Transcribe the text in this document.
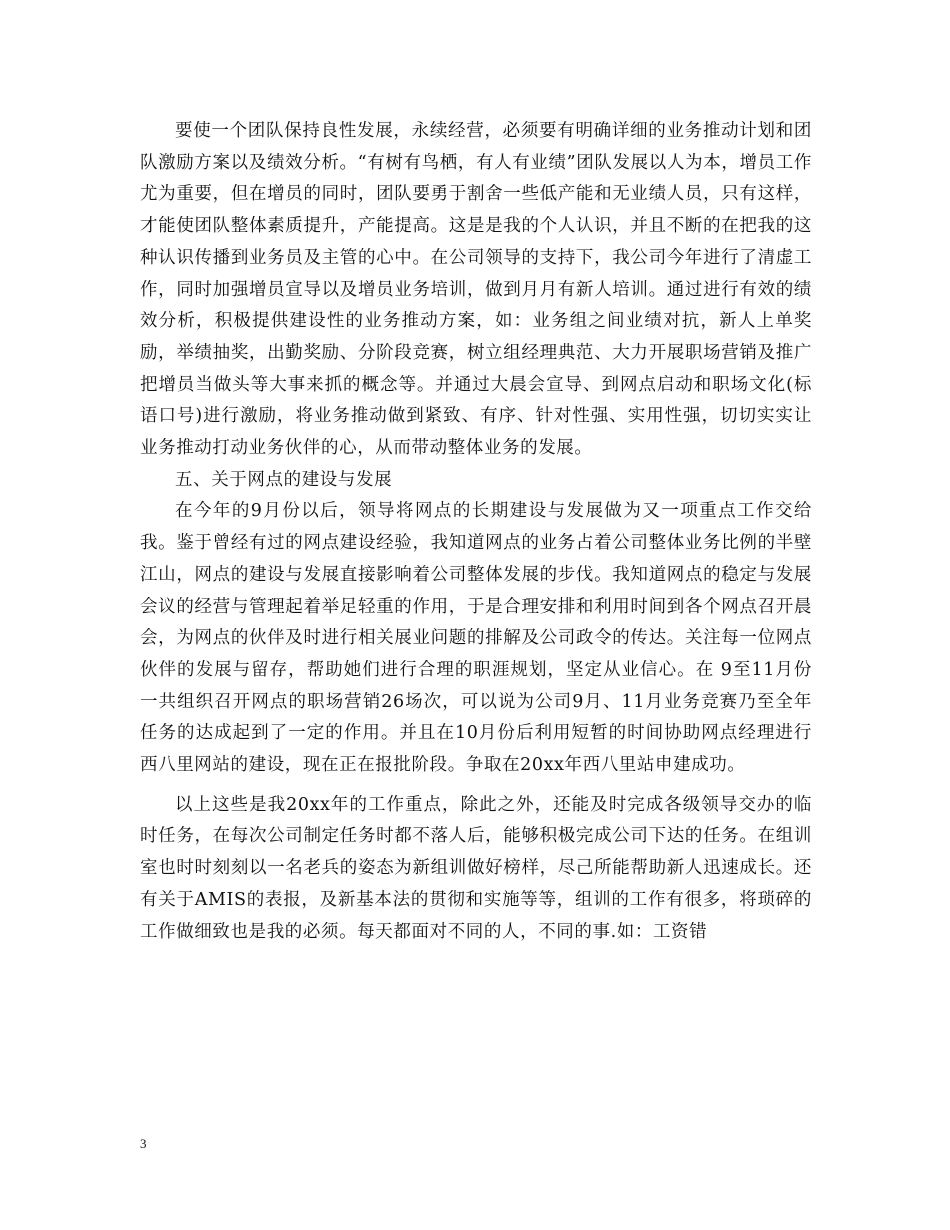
要使一个团队保持良性发展，永续经营，必须要有明确详细的业务推动计划和团队激励方案以及绩效分析。“有树有鸟栖，有人有业绩”团队发展以人为本，增员工作尤为重要，但在增员的同时，团队要勇于割舍一些低产能和无业绩人员，只有这样，才能使团队整体素质提升，产能提高。这是是我的个人认识，并且不断的在把我的这种认识传播到业务员及主管的心中。在公司领导的支持下，我公司今年进行了清虚工作，同时加强增员宣导以及增员业务培训，做到月月有新人培训。通过进行有效的绩效分析，积极提供建设性的业务推动方案，如：业务组之间业绩对抗，新人上单奖励，举绩抽奖，出勤奖励、分阶段竞赛，树立组经理典范、大力开展职场营销及推广把增员当做头等大事来抓的概念等。并通过大晨会宣导、到网点启动和职场文化(标语口号)进行激励，将业务推动做到紧致、有序、针对性强、实用性强，切切实实让业务推动打动业务伙伴的心，从而带动整体业务的发展。

五、关于网点的建设与发展

在今年的9月份以后，领导将网点的长期建设与发展做为又一项重点工作交给我。鉴于曾经有过的网点建设经验，我知道网点的业务占着公司整体业务比例的半壁江山，网点的建设与发展直接影响着公司整体发展的步伐。我知道网点的稳定与发展会议的经营与管理起着举足轻重的作用，于是合理安排和利用时间到各个网点召开晨会，为网点的伙伴及时进行相关展业问题的排解及公司政令的传达。关注每一位网点伙伴的发展与留存，帮助她们进行合理的职涯规划，坚定从业信心。在 9至11月份一共组织召开网点的职场营销26场次，可以说为公司9月、11月业务竞赛乃至全年任务的达成起到了一定的作用。并且在10月份后利用短暂的时间协助网点经理进行西八里网站的建设，现在正在报批阶段。争取在20xx年西八里站申建成功。

以上这些是我20xx年的工作重点，除此之外，还能及时完成各级领导交办的临时任务，在每次公司制定任务时都不落人后，能够积极完成公司下达的任务。在组训室也时时刻刻以一名老兵的姿态为新组训做好榜样，尽己所能帮助新人迅速成长。还有关于AMIS的表报，及新基本法的贯彻和实施等等，组训的工作有很多，将琐碎的工作做细致也是我的必须。每天都面对不同的人，不同的事.如：工资错

3
